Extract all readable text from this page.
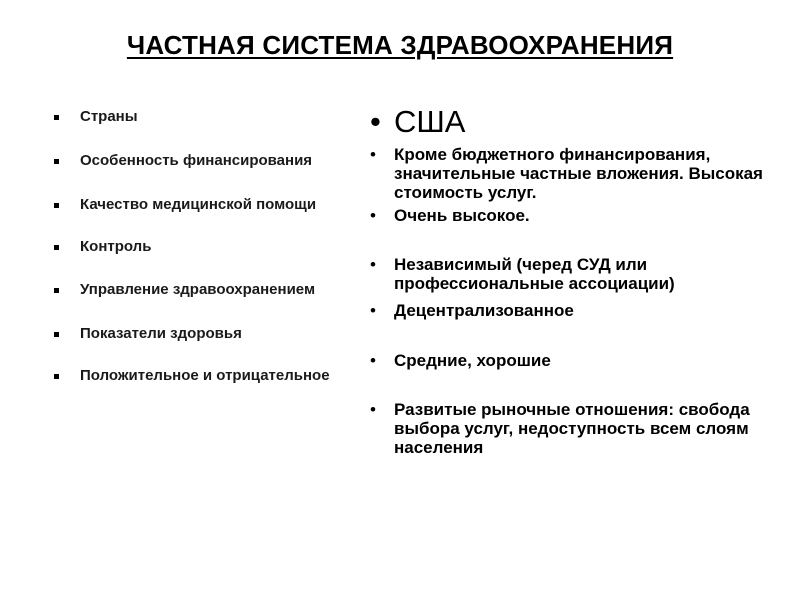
ЧАСТНАЯ СИСТЕМА ЗДРАВООХРАНЕНИЯ
Страны
Особенность финансирования
Качество медицинской помощи
Контроль
Управление здравоохранением
Показатели здоровья
Положительное и отрицательное
• США
• Кроме бюджетного финансирования, значительные частные вложения. Высокая стоимость услуг.
• Очень высокое.
• Независимый (черед СУД или профессиональные ассоциации)
• Децентрализованное
• Средние, хорошие
• Развитые рыночные отношения: свобода выбора услуг, недоступность всем слоям населения
